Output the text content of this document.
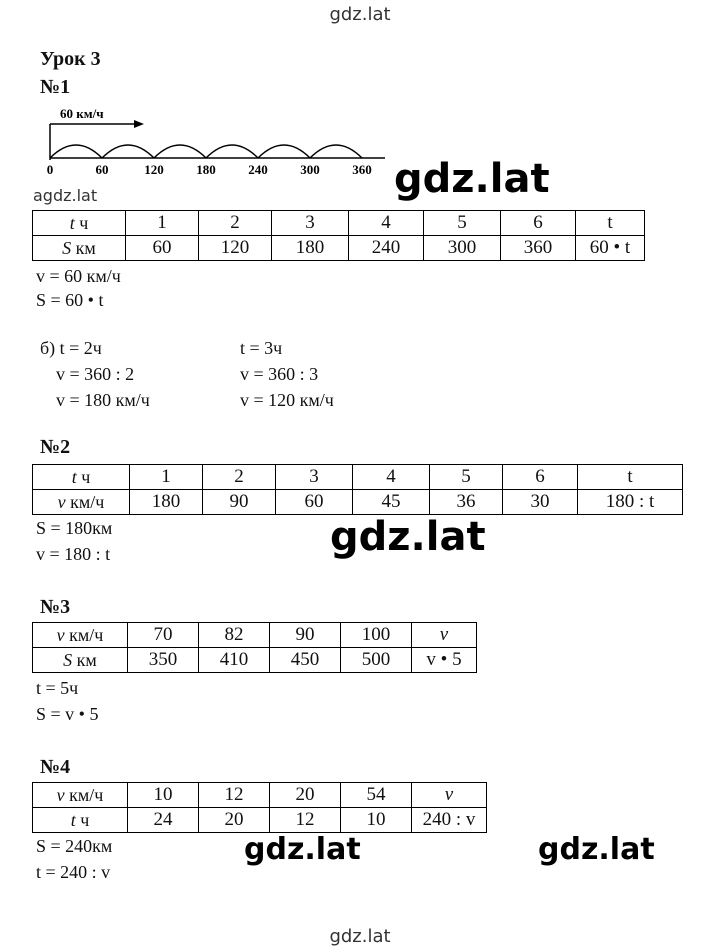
gdz.lat
gdz.lat
Урок 3
№1
60 км/ч
0	60	120	180	240	300	360
agdz.lat
t ч	1	2	3	4	5	6	t
S км	60	120	180	240	300	360	60 • t
v = 60 км/ч
S = 60 • t
б) t = 2ч
v = 360 : 2
v = 180 км/ч
t = 3ч
v = 360 : 3
v = 120 км/ч
№2
t ч	1	2	3	4	5	6	t
v км/ч	180	90	60	45	36	30	180 : t
S = 180км
v = 180 : t
№3
v км/ч	70	82	90	100	v
S км	350	410	450	500	v • 5
t = 5ч
S = v • 5
№4
v км/ч	10	12	20	54	v
t ч	24	20	12	10	240 : v
S = 240км
t = 240 : v
gdz.lat
gdz.lat
gdz.lat	gdz.lat
